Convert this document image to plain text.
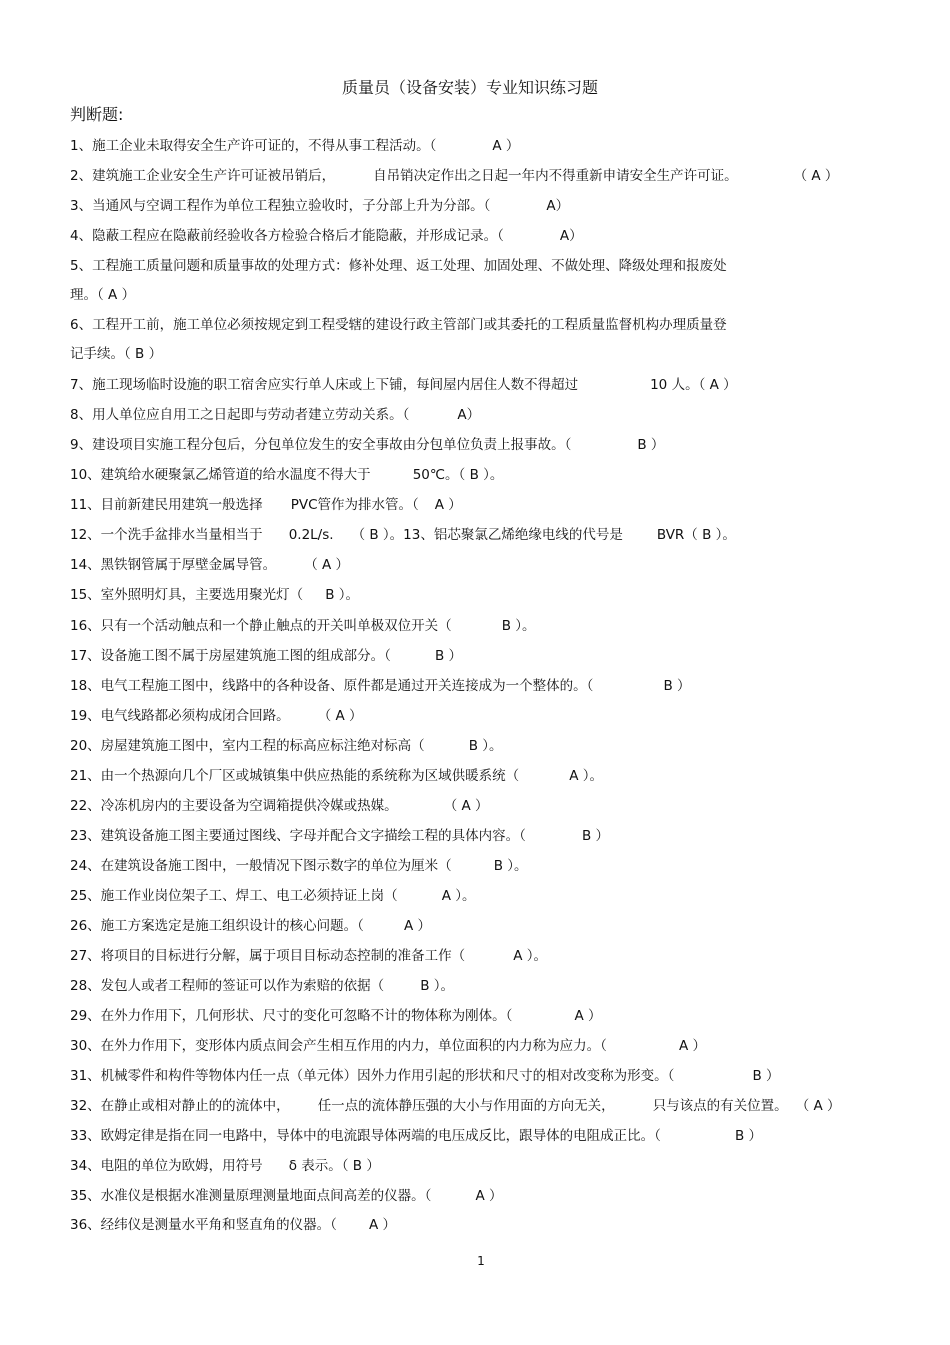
质量员（设备安装）专业知识练习题
判断题:
1、施工企业未取得安全生产许可证的，不得从事工程活动。（	A ）
2、建筑施工企业安全生产许可证被吊销后，	自吊销决定作出之日起一年内不得重新申请安全生产许可证。	（ A ）
3、当通风与空调工程作为单位工程独立验收时，子分部上升为分部。（	A）
4、隐蔽工程应在隐蔽前经验收各方检验合格后才能隐蔽，并形成记录。（	A）
5、工程施工质量问题和质量事故的处理方式：修补处理、返工处理、加固处理、不做处理、降级处理和报废处
理。（ A ）
6、工程开工前，施工单位必须按规定到工程受辖的建设行政主管部门或其委托的工程质量监督机构办理质量登
记手续。（ B ）
7、施工现场临时设施的职工宿舍应实行单人床或上下铺，每间屋内居住人数不得超过	10 人。（ A ）
8、用人单位应自用工之日起即与劳动者建立劳动关系。（	A）
9、建设项目实施工程分包后，分包单位发生的安全事故由分包单位负责上报事故。（	B ）
10、建筑给水硬聚氯乙烯管道的给水温度不得大于	50℃。（ B ）。
11、目前新建民用建筑一般选择 PVC管作为排水管。（ A ）
12、一个洗手盆排水当量相当于 0.2L/s. （ B ）。13、铝芯聚氯乙烯绝缘电线的代号是	BVR（ B ）。
14、黑铁钢管属于厚壁金属导管。 （ A ）
15、室外照明灯具，主要选用聚光灯（ B ）。
16、只有一个活动触点和一个静止触点的开关叫单极双位开关（	B ）。
17、设备施工图不属于房屋建筑施工图的组成部分。（	B ）
18、电气工程施工图中，线路中的各种设备、原件都是通过开关连接成为一个整体的。（	B ）
19、电气线路都必须构成闭合回路。 （ A ）
20、房屋建筑施工图中，室内工程的标高应标注绝对标高（	B ）。
21、由一个热源向几个厂区或城镇集中供应热能的系统称为区域供暖系统（	A ）。
22、冷冻机房内的主要设备为空调箱提供冷媒或热媒。	（ A ）
23、建筑设备施工图主要通过图线、字母并配合文字描绘工程的具体内容。（	B ）
24、在建筑设备施工图中，一般情况下图示数字的单位为厘米（	B ）。
25、施工作业岗位架子工、焊工、电工必须持证上岗（	A ）。
26、施工方案选定是施工组织设计的核心问题。（	A ）
27、将项目的目标进行分解，属于项目目标动态控制的准备工作（	A ）。
28、发包人或者工程师的签证可以作为索赔的依据（	B ）。
29、在外力作用下，几何形状、尺寸的变化可忽略不计的物体称为刚体。（	A ）
30、在外力作用下，变形体内质点间会产生相互作用的内力，单位面积的内力称为应力。（	A ）
31、机械零件和构件等物体内任一点（单元体）因外力作用引起的形状和尺寸的相对改变称为形变。（	B ）
32、在静止或相对静止的的流体中， 任一点的流体静压强的大小与作用面的方向无关，	只与该点的有关位置。 （ A ）
33、欧姆定律是指在同一电路中，导体中的电流跟导体两端的电压成反比，跟导体的电阻成正比。（	B ）
34、电阻的单位为欧姆，用符号 δ 表示。（ B ）
35、水准仪是根据水准测量原理测量地面点间高差的仪器。（	A ）
36、经纬仪是测量水平角和竖直角的仪器。（ A ）
1
